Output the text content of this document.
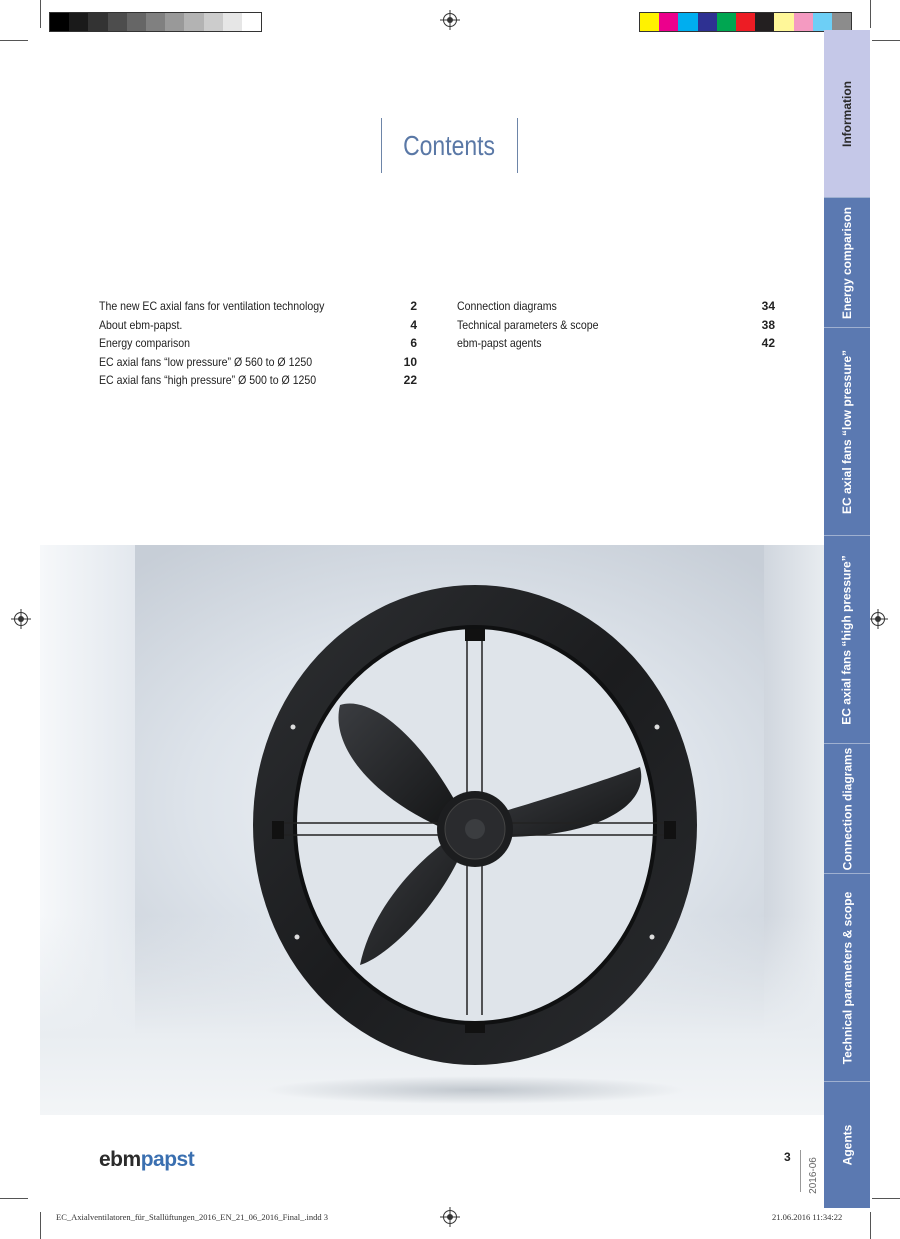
Contents
The new EC axial fans for ventilation technology	2
About ebm-papst.	4
Energy comparison	6
EC axial fans “low pressure” Ø 560 to Ø 1250	10
EC axial fans “high pressure” Ø 500 to Ø 1250	22
Connection diagrams	34
Technical parameters & scope	38
ebm-papst agents	42
Information
Energy comparison
EC axial fans “low pressure”
EC axial fans “high pressure”
Connection diagrams
Technical parameters & scope
Agents
ebmpapst	3
2016-06
EC_Axialventilatoren_für_Stallüftungen_2016_EN_21_06_2016_Final_.indd 3	21.06.2016 11:34:22
